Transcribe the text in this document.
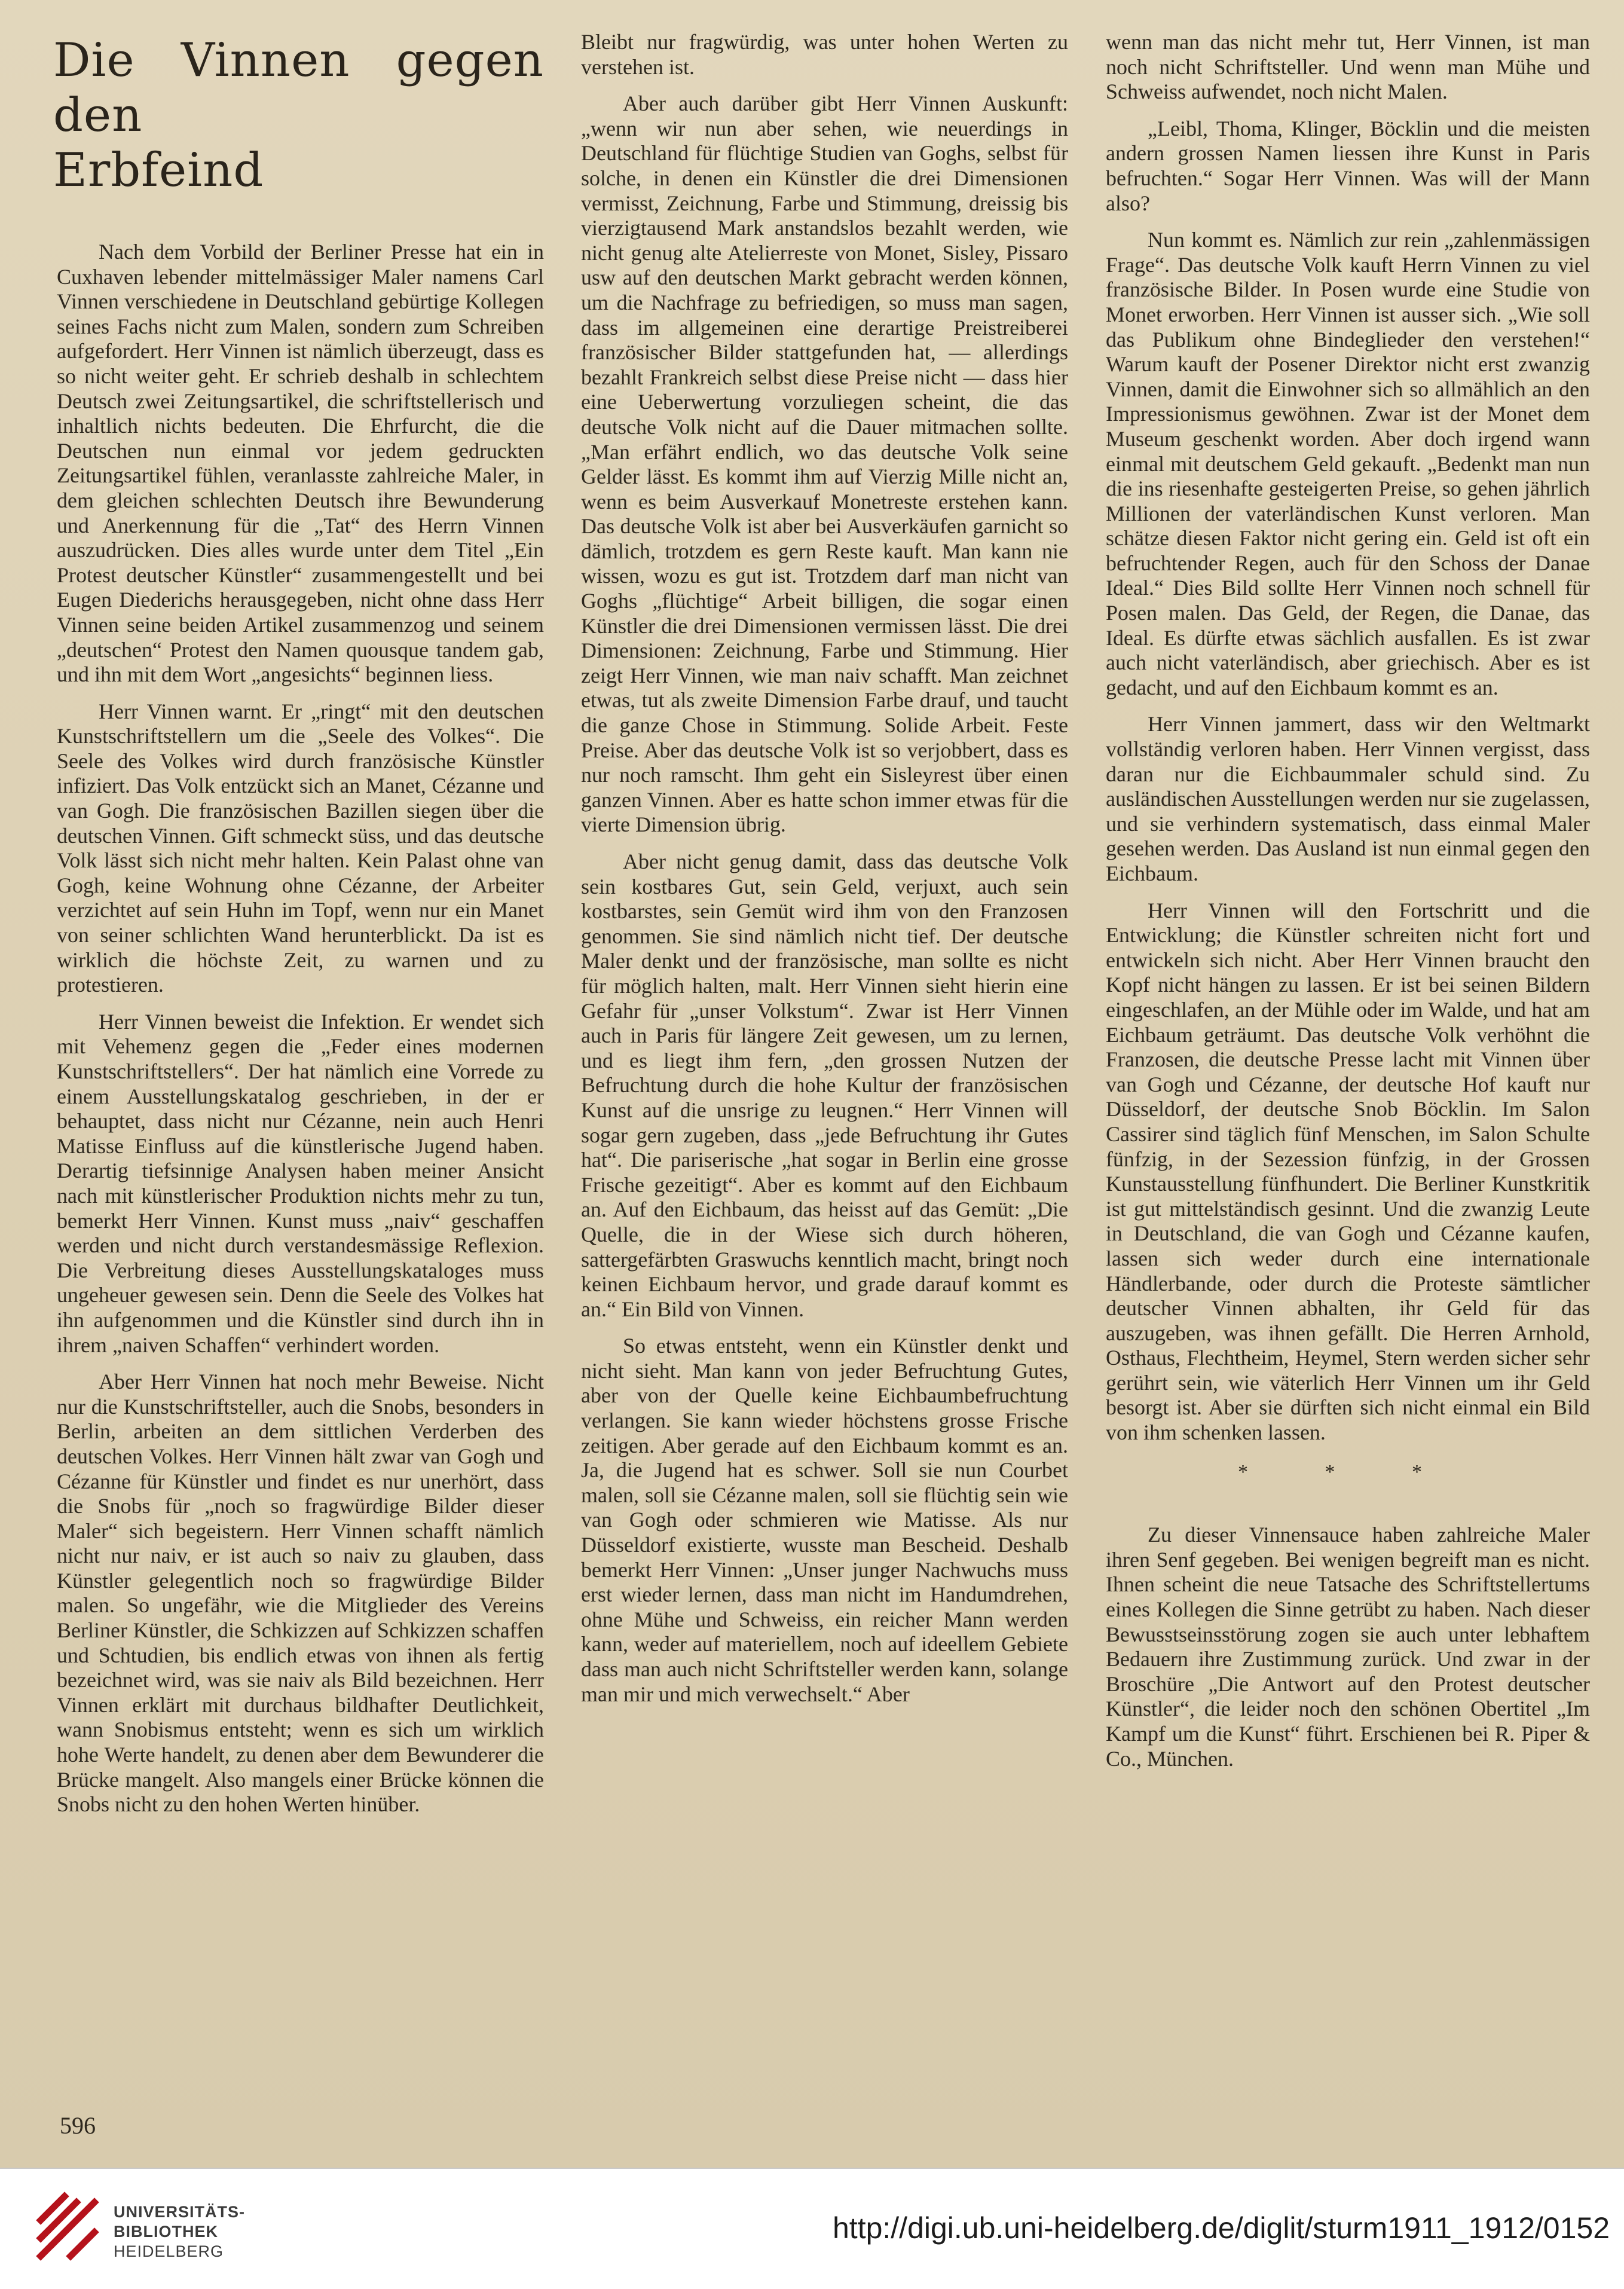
Die Vinnen gegen den
Erbfeind

Nach dem Vorbild der Berliner Presse hat ein in Cuxhaven lebender mittelmässiger Maler namens Carl Vinnen verschiedene in Deutschland gebürtige Kollegen seines Fachs nicht zum Malen, sondern zum Schreiben aufgefordert. Herr Vinnen ist nämlich überzeugt, dass es so nicht weiter geht. Er schrieb deshalb in schlechtem Deutsch zwei Zeitungsartikel, die schriftstellerisch und inhaltlich nichts bedeuten. Die Ehrfurcht, die die Deutschen nun einmal vor jedem gedruckten Zeitungsartikel fühlen, veranlasste zahlreiche Maler, in dem gleichen schlechten Deutsch ihre Bewunderung und Anerkennung für die „Tat“ des Herrn Vinnen auszudrücken. Dies alles wurde unter dem Titel „Ein Protest deutscher Künstler“ zusammengestellt und bei Eugen Diederichs herausgegeben, nicht ohne dass Herr Vinnen seine beiden Artikel zusammenzog und seinem „deutschen“ Protest den Namen quousque tandem gab, und ihn mit dem Wort „angesichts“ beginnen liess.

Herr Vinnen warnt. Er „ringt“ mit den deutschen Kunstschriftstellern um die „Seele des Volkes“. Die Seele des Volkes wird durch französische Künstler infiziert. Das Volk entzückt sich an Manet, Cézanne und van Gogh. Die französischen Bazillen siegen über die deutschen Vinnen. Gift schmeckt süss, und das deutsche Volk lässt sich nicht mehr halten. Kein Palast ohne van Gogh, keine Wohnung ohne Cézanne, der Arbeiter verzichtet auf sein Huhn im Topf, wenn nur ein Manet von seiner schlichten Wand herunterblickt. Da ist es wirklich die höchste Zeit, zu warnen und zu protestieren.

Herr Vinnen beweist die Infektion. Er wendet sich mit Vehemenz gegen die „Feder eines modernen Kunstschriftstellers“. Der hat nämlich eine Vorrede zu einem Ausstellungskatalog geschrieben, in der er behauptet, dass nicht nur Cézanne, nein auch Henri Matisse Einfluss auf die künstlerische Jugend haben. Derartig tiefsinnige Analysen haben meiner Ansicht nach mit künstlerischer Produktion nichts mehr zu tun, bemerkt Herr Vinnen. Kunst muss „naiv“ geschaffen werden und nicht durch verstandesmässige Reflexion. Die Verbreitung dieses Ausstellungskataloges muss ungeheuer gewesen sein. Denn die Seele des Volkes hat ihn aufgenommen und die Künstler sind durch ihn in ihrem „naiven Schaffen“ verhindert worden.

Aber Herr Vinnen hat noch mehr Beweise. Nicht nur die Kunstschriftsteller, auch die Snobs, besonders in Berlin, arbeiten an dem sittlichen Verderben des deutschen Volkes. Herr Vinnen hält zwar van Gogh und Cézanne für Künstler und findet es nur unerhört, dass die Snobs für „noch so fragwürdige Bilder dieser Maler“ sich begeistern. Herr Vinnen schafft nämlich nicht nur naiv, er ist auch so naiv zu glauben, dass Künstler gelegentlich noch so fragwürdige Bilder malen. So ungefähr, wie die Mitglieder des Vereins Berliner Künstler, die Schkizzen auf Schkizzen schaffen und Schtudien, bis endlich etwas von ihnen als fertig bezeichnet wird, was sie naiv als Bild bezeichnen. Herr Vinnen erklärt mit durchaus bildhafter Deutlichkeit, wann Snobismus entsteht; wenn es sich um wirklich hohe Werte handelt, zu denen aber dem Bewunderer die Brücke mangelt. Also mangels einer Brücke können die Snobs nicht zu den hohen Werten hinüber.

Bleibt nur fragwürdig, was unter hohen Werten zu verstehen ist.

Aber auch darüber gibt Herr Vinnen Auskunft: „wenn wir nun aber sehen, wie neuerdings in Deutschland für flüchtige Studien van Goghs, selbst für solche, in denen ein Künstler die drei Dimensionen vermisst, Zeichnung, Farbe und Stimmung, dreissig bis vierzigtausend Mark anstandslos bezahlt werden, wie nicht genug alte Atelierreste von Monet, Sisley, Pissaro usw auf den deutschen Markt gebracht werden können, um die Nachfrage zu befriedigen, so muss man sagen, dass im allgemeinen eine derartige Preistreiberei französischer Bilder stattgefunden hat, — allerdings bezahlt Frankreich selbst diese Preise nicht — dass hier eine Ueberwertung vorzuliegen scheint, die das deutsche Volk nicht auf die Dauer mitmachen sollte. „Man erfährt endlich, wo das deutsche Volk seine Gelder lässt. Es kommt ihm auf Vierzig Mille nicht an, wenn es beim Ausverkauf Monetreste erstehen kann. Das deutsche Volk ist aber bei Ausverkäufen garnicht so dämlich, trotzdem es gern Reste kauft. Man kann nie wissen, wozu es gut ist. Trotzdem darf man nicht van Goghs „flüchtige“ Arbeit billigen, die sogar einen Künstler die drei Dimensionen vermissen lässt. Die drei Dimensionen: Zeichnung, Farbe und Stimmung. Hier zeigt Herr Vinnen, wie man naiv schafft. Man zeichnet etwas, tut als zweite Dimension Farbe drauf, und taucht die ganze Chose in Stimmung. Solide Arbeit. Feste Preise. Aber das deutsche Volk ist so verjobbert, dass es nur noch ramscht. Ihm geht ein Sisleyrest über einen ganzen Vinnen. Aber es hatte schon immer etwas für die vierte Dimension übrig.

Aber nicht genug damit, dass das deutsche Volk sein kostbares Gut, sein Geld, verjuxt, auch sein kostbarstes, sein Gemüt wird ihm von den Franzosen genommen. Sie sind nämlich nicht tief. Der deutsche Maler denkt und der französische, man sollte es nicht für möglich halten, malt. Herr Vinnen sieht hierin eine Gefahr für „unser Volkstum“. Zwar ist Herr Vinnen auch in Paris für längere Zeit gewesen, um zu lernen, und es liegt ihm fern, „den grossen Nutzen der Befruchtung durch die hohe Kultur der französischen Kunst auf die unsrige zu leugnen.“ Herr Vinnen will sogar gern zugeben, dass „jede Befruchtung ihr Gutes hat“. Die pariserische „hat sogar in Berlin eine grosse Frische gezeitigt“. Aber es kommt auf den Eichbaum an. Auf den Eichbaum, das heisst auf das Gemüt: „Die Quelle, die in der Wiese sich durch höheren, sattergefärbten Graswuchs kenntlich macht, bringt noch keinen Eichbaum hervor, und grade darauf kommt es an.“ Ein Bild von Vinnen.

So etwas entsteht, wenn ein Künstler denkt und nicht sieht. Man kann von jeder Befruchtung Gutes, aber von der Quelle keine Eichbaumbefruchtung verlangen. Sie kann wieder höchstens grosse Frische zeitigen. Aber gerade auf den Eichbaum kommt es an. Ja, die Jugend hat es schwer. Soll sie nun Courbet malen, soll sie Cézanne malen, soll sie flüchtig sein wie van Gogh oder schmieren wie Matisse. Als nur Düsseldorf existierte, wusste man Bescheid. Deshalb bemerkt Herr Vinnen: „Unser junger Nachwuchs muss erst wieder lernen, dass man nicht im Handumdrehen, ohne Mühe und Schweiss, ein reicher Mann werden kann, weder auf materiellem, noch auf ideellem Gebiete dass man auch nicht Schriftsteller werden kann, solange man mir und mich verwechselt.“ Aber

wenn man das nicht mehr tut, Herr Vinnen, ist man noch nicht Schriftsteller. Und wenn man Mühe und Schweiss aufwendet, noch nicht Malen.

„Leibl, Thoma, Klinger, Böcklin und die meisten andern grossen Namen liessen ihre Kunst in Paris befruchten.“ Sogar Herr Vinnen. Was will der Mann also?

Nun kommt es. Nämlich zur rein „zahlenmässigen Frage“. Das deutsche Volk kauft Herrn Vinnen zu viel französische Bilder. In Posen wurde eine Studie von Monet erworben. Herr Vinnen ist ausser sich. „Wie soll das Publikum ohne Bindeglieder den verstehen!“ Warum kauft der Posener Direktor nicht erst zwanzig Vinnen, damit die Einwohner sich so allmählich an den Impressionismus gewöhnen. Zwar ist der Monet dem Museum geschenkt worden. Aber doch irgend wann einmal mit deutschem Geld gekauft. „Bedenkt man nun die ins riesenhafte gesteigerten Preise, so gehen jährlich Millionen der vaterländischen Kunst verloren. Man schätze diesen Faktor nicht gering ein. Geld ist oft ein befruchtender Regen, auch für den Schoss der Danae Ideal.“ Dies Bild sollte Herr Vinnen noch schnell für Posen malen. Das Geld, der Regen, die Danae, das Ideal. Es dürfte etwas sächlich ausfallen. Es ist zwar auch nicht vaterländisch, aber griechisch. Aber es ist gedacht, und auf den Eichbaum kommt es an.

Herr Vinnen jammert, dass wir den Weltmarkt vollständig verloren haben. Herr Vinnen vergisst, dass daran nur die Eichbaummaler schuld sind. Zu ausländischen Ausstellungen werden nur sie zugelassen, und sie verhindern systematisch, dass einmal Maler gesehen werden. Das Ausland ist nun einmal gegen den Eichbaum.

Herr Vinnen will den Fortschritt und die Entwicklung; die Künstler schreiten nicht fort und entwickeln sich nicht. Aber Herr Vinnen braucht den Kopf nicht hängen zu lassen. Er ist bei seinen Bildern eingeschlafen, an der Mühle oder im Walde, und hat am Eichbaum geträumt. Das deutsche Volk verhöhnt die Franzosen, die deutsche Presse lacht mit Vinnen über van Gogh und Cézanne, der deutsche Hof kauft nur Düsseldorf, der deutsche Snob Böcklin. Im Salon Cassirer sind täglich fünf Menschen, im Salon Schulte fünfzig, in der Sezession fünfzig, in der Grossen Kunstausstellung fünfhundert. Die Berliner Kunstkritik ist gut mittelständisch gesinnt. Und die zwanzig Leute in Deutschland, die van Gogh und Cézanne kaufen, lassen sich weder durch eine internationale Händlerbande, oder durch die Proteste sämtlicher deutscher Vinnen abhalten, ihr Geld für das auszugeben, was ihnen gefällt. Die Herren Arnhold, Osthaus, Flechtheim, Heymel, Stern werden sicher sehr gerührt sein, wie väterlich Herr Vinnen um ihr Geld besorgt ist. Aber sie dürften sich nicht einmal ein Bild von ihm schenken lassen.

* * *

Zu dieser Vinnensauce haben zahlreiche Maler ihren Senf gegeben. Bei wenigen begreift man es nicht. Ihnen scheint die neue Tatsache des Schriftstellertums eines Kollegen die Sinne getrübt zu haben. Nach dieser Bewusstseinsstörung zogen sie auch unter lebhaftem Bedauern ihre Zustimmung zurück. Und zwar in der Broschüre „Die Antwort auf den Protest deutscher Künstler“, die leider noch den schönen Obertitel „Im Kampf um die Kunst“ führt. Erschienen bei R. Piper & Co., München.

596
UNIVERSITÄTS-
BIBLIOTHEK
HEIDELBERG
http://digi.ub.uni-heidelberg.de/diglit/sturm1911_1912/0152
